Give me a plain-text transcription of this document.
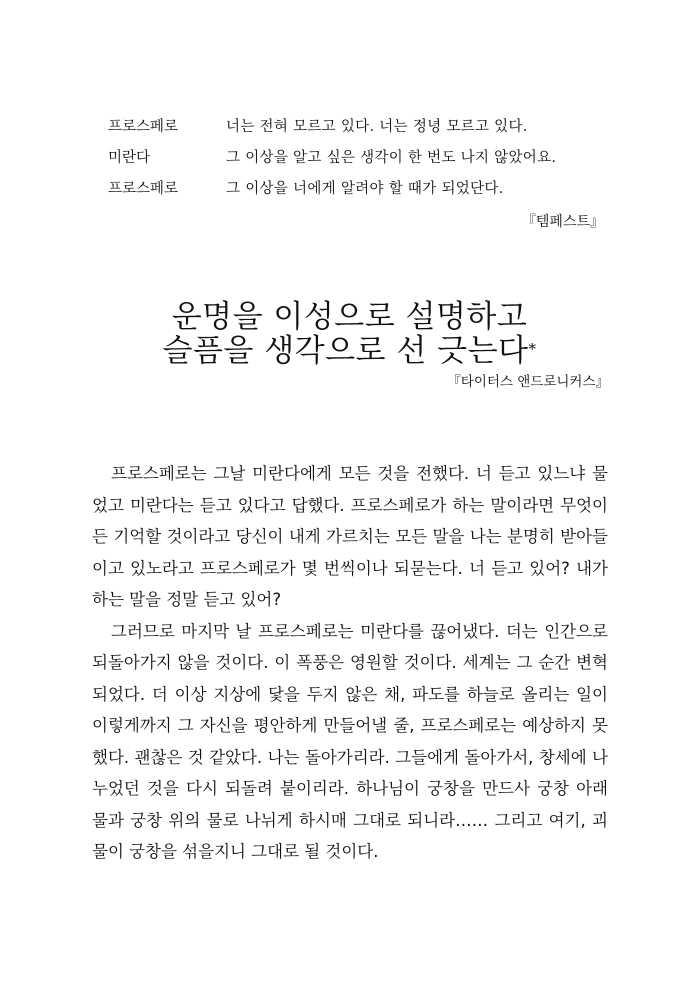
프로스페로	너는 전혀 모르고 있다. 너는 정녕 모르고 있다.
미란다	그 이상을 알고 싶은 생각이 한 번도 나지 않았어요.
프로스페로	그 이상을 너에게 알려야 할 때가 되었단다.
『템페스트』
운명을 이성으로 설명하고
슬픔을 생각으로 선 긋는다*
『타이터스 앤드로니커스』

프로스페로는 그날 미란다에게 모든 것을 전했다. 너 듣고 있느냐 물었고 미란다는 듣고 있다고 답했다. 프로스페로가 하는 말이라면 무엇이든 기억할 것이라고 당신이 내게 가르치는 모든 말을 나는 분명히 받아들이고 있노라고 프로스페로가 몇 번씩이나 되묻는다. 너 듣고 있어? 내가 하는 말을 정말 듣고 있어?

그러므로 마지막 날 프로스페로는 미란다를 끊어냈다. 더는 인간으로 되돌아가지 않을 것이다. 이 폭풍은 영원할 것이다. 세계는 그 순간 변혁되었다. 더 이상 지상에 닻을 두지 않은 채, 파도를 하늘로 올리는 일이 이렇게까지 그 자신을 평안하게 만들어낼 줄, 프로스페로는 예상하지 못했다. 괜찮은 것 같았다. 나는 돌아가리라. 그들에게 돌아가서, 창세에 나누었던 것을 다시 되돌려 붙이리라. 하나님이 궁창을 만드사 궁창 아래 물과 궁창 위의 물로 나뉘게 하시매 그대로 되니라…… 그리고 여기, 괴물이 궁창을 섞을지니 그대로 될 것이다.
